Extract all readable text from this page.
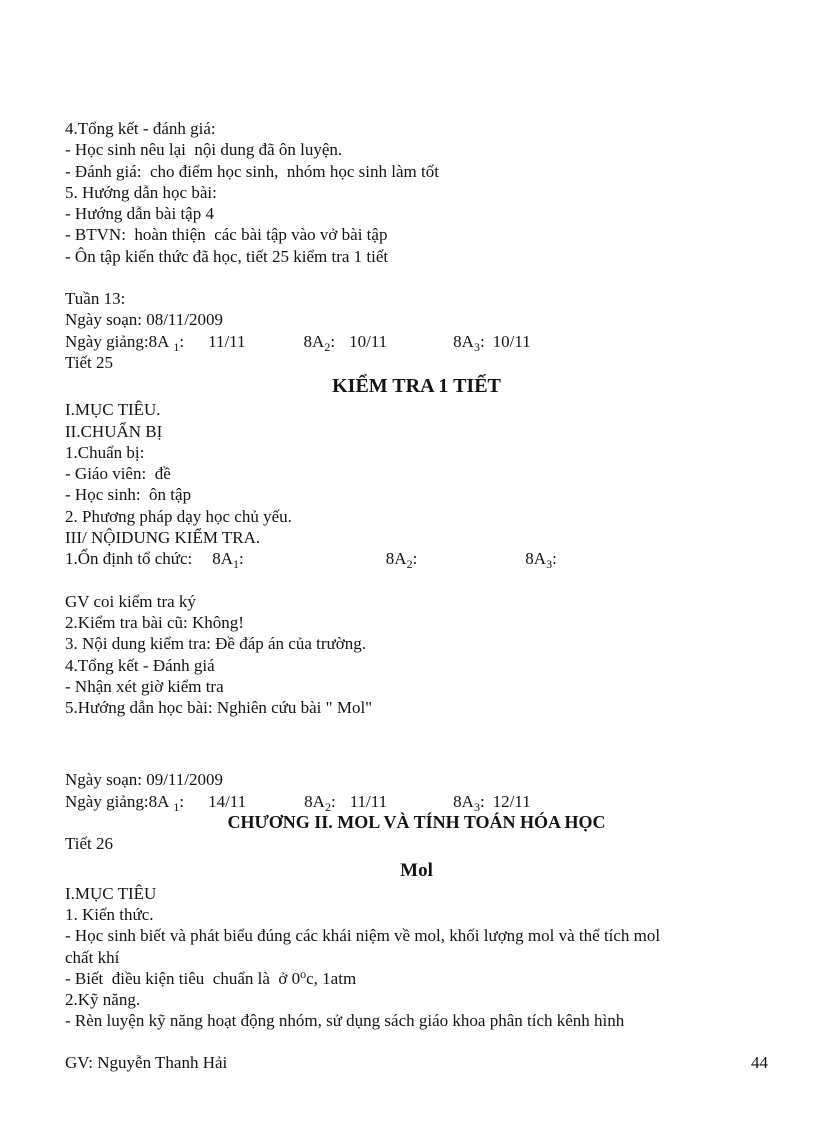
4.Tổng kết - đánh giá:
- Học sinh nêu lại  nội dung đã ôn luyện.
- Đánh giá:  cho điểm học sinh,  nhóm học sinh làm tốt
5. Hướng dẫn học bài:
- Hướng dẫn bài tập 4
- BTVN:  hoàn thiện  các bài tập vào vở bài tập
- Ôn tập kiến thức đã học, tiết 25 kiểm tra 1 tiết
Tuần 13:
Ngày soạn: 08/11/2009
Ngày giảng:8A $_1$: 11/11	$8A_2$: 10/11	$8A_3$: 10/11
Tiết 25
KIỂM TRA 1 TIẾT
I.MỤC TIÊU.
II.CHUẨN BỊ
1.Chuẩn bị:
- Giáo viên:  đề
- Học sinh:  ôn tập
2. Phương pháp dạy học chủ yếu.
III/ NỘIDUNG KIỂM TRA.
1.Ổn định tổ chức: $8A_1$:	$8A_2$:	$8A_3$:
GV coi kiểm tra ký
2.Kiểm tra bài cũ: Không!
3. Nội dung kiểm tra: Đề đáp án của trường.
4.Tổng kết - Đánh giá
- Nhận xét giờ kiểm tra
5.Hướng dẫn học bài: Nghiên cứu bài " Mol"
Ngày soạn: 09/11/2009
Ngày giảng:8A $_1$: 14/11	$8A_2$: 11/11	$8A_3$: 12/11
CHƯƠNG II. MOL VÀ TÍNH TOÁN HÓA HỌC
Tiết 26
Mol
I.MỤC TIÊU
1. Kiến thức.
- Học sinh biết và phát biểu đúng các khái niệm về mol, khối lượng mol và thể tích mol
chất khí
- Biết  điều kiện tiêu  chuẩn là  ở 0$^o$c, 1atm
2.Kỹ năng.
- Rèn luyện kỹ năng hoạt động nhóm, sử dụng sách giáo khoa phân tích kênh hình
GV: Nguyễn Thanh Hải	44
